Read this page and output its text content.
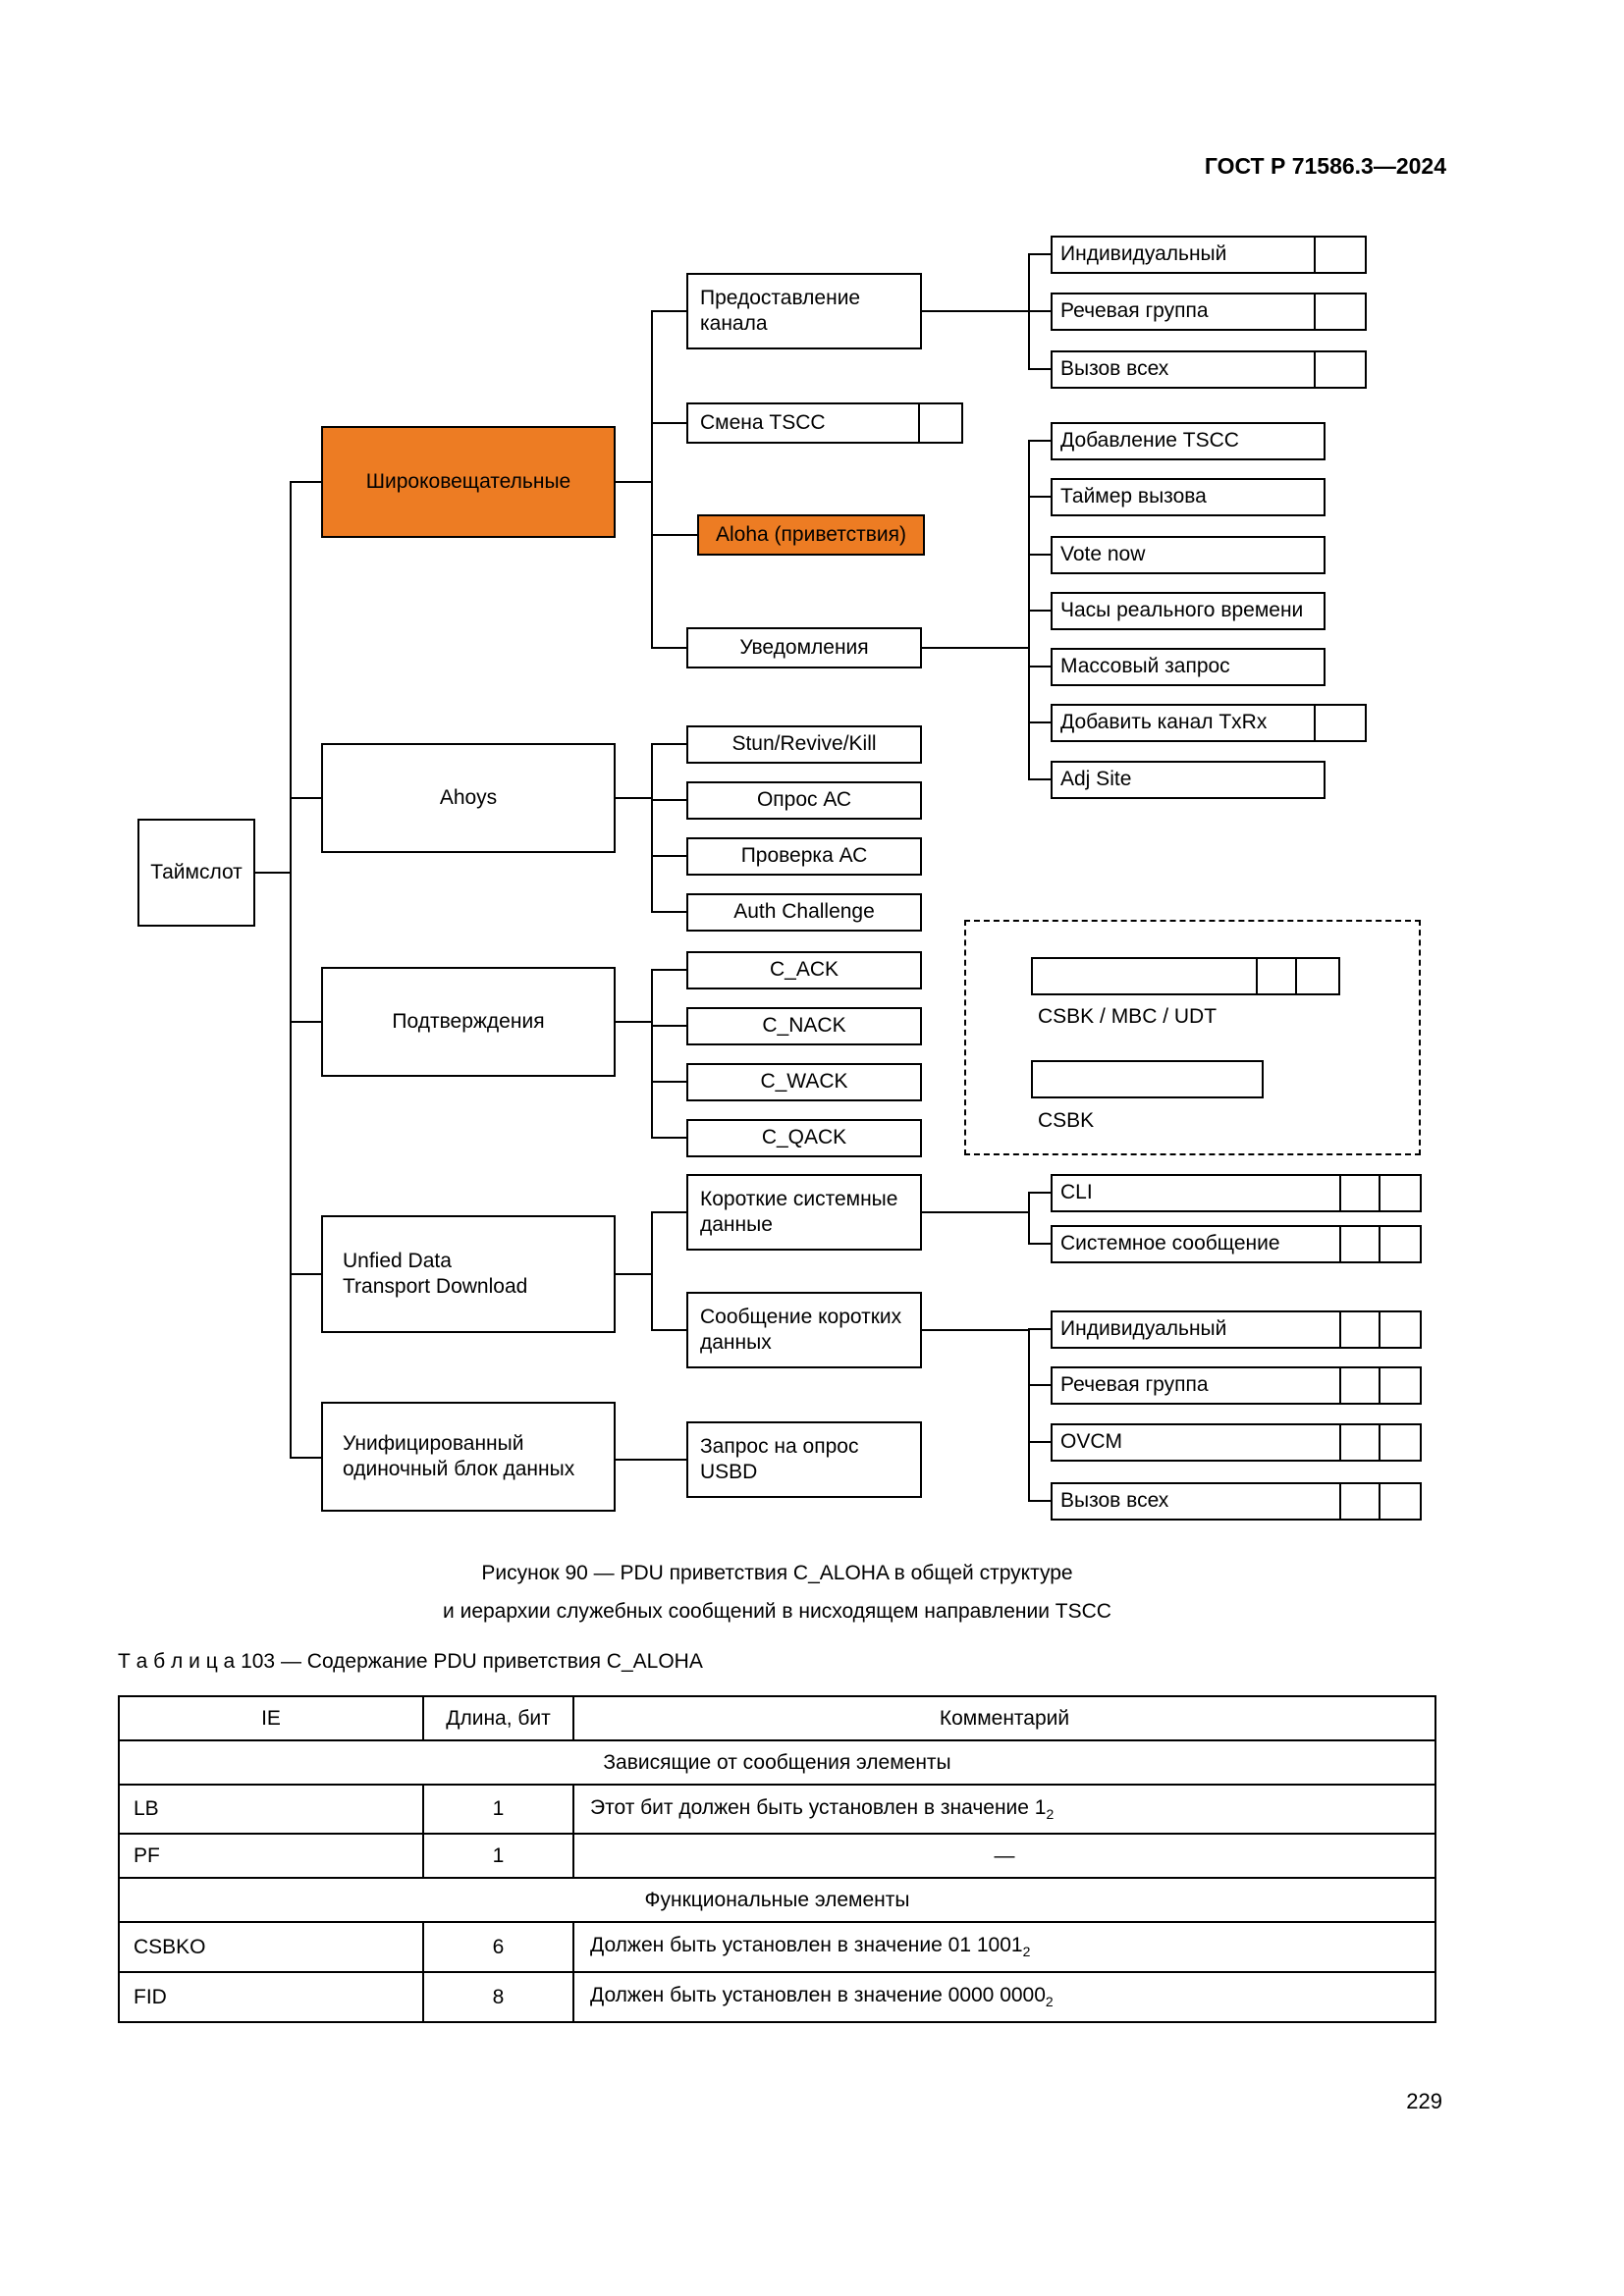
ГОСТ Р 71586.3—2024
Таймслот
Широковещательные
Ahoys
Подтверждения
Unfied Data
Transport Download
Унифицированный
одиночный блок данных
Предоставление
канала
Смена TSCC
Aloha (приветствия)
Уведомления
Индивидуальный
Речевая группа
Вызов всех
Добавление TSCC
Таймер вызова
Vote now
Часы реального времени
Массовый запрос
Добавить канал TxRx
Adj Site
Stun/Revive/Kill
Опрос АС
Проверка АС
Auth Challenge
C_ACK
C_NACK
C_WACK
C_QACK
CSBK / MBC / UDT
CSBK
Короткие системные
данные
CLI
Системное сообщение
Сообщение коротких
данных
Индивидуальный
Речевая группа
OVCM
Вызов всех
Запрос на опрос
USBD
Рисунок 90 — PDU приветствия C_ALOHA в общей структуре
и иерархии служебных сообщений в нисходящем направлении TSCC
Т а б л и ц а 103 — Содержание PDU приветствия C_ALOHA
IE	Длина, бит	Комментарий
Зависящие от сообщения элементы		
LB	1	Этот бит должен быть установлен в значение $1_2$
PF	1	—
Функциональные элементы		
CSBKO	6	Должен быть установлен в значение 01 $1001_2$
FID	8	Должен быть установлен в значение 0000 $0000_2$
229
